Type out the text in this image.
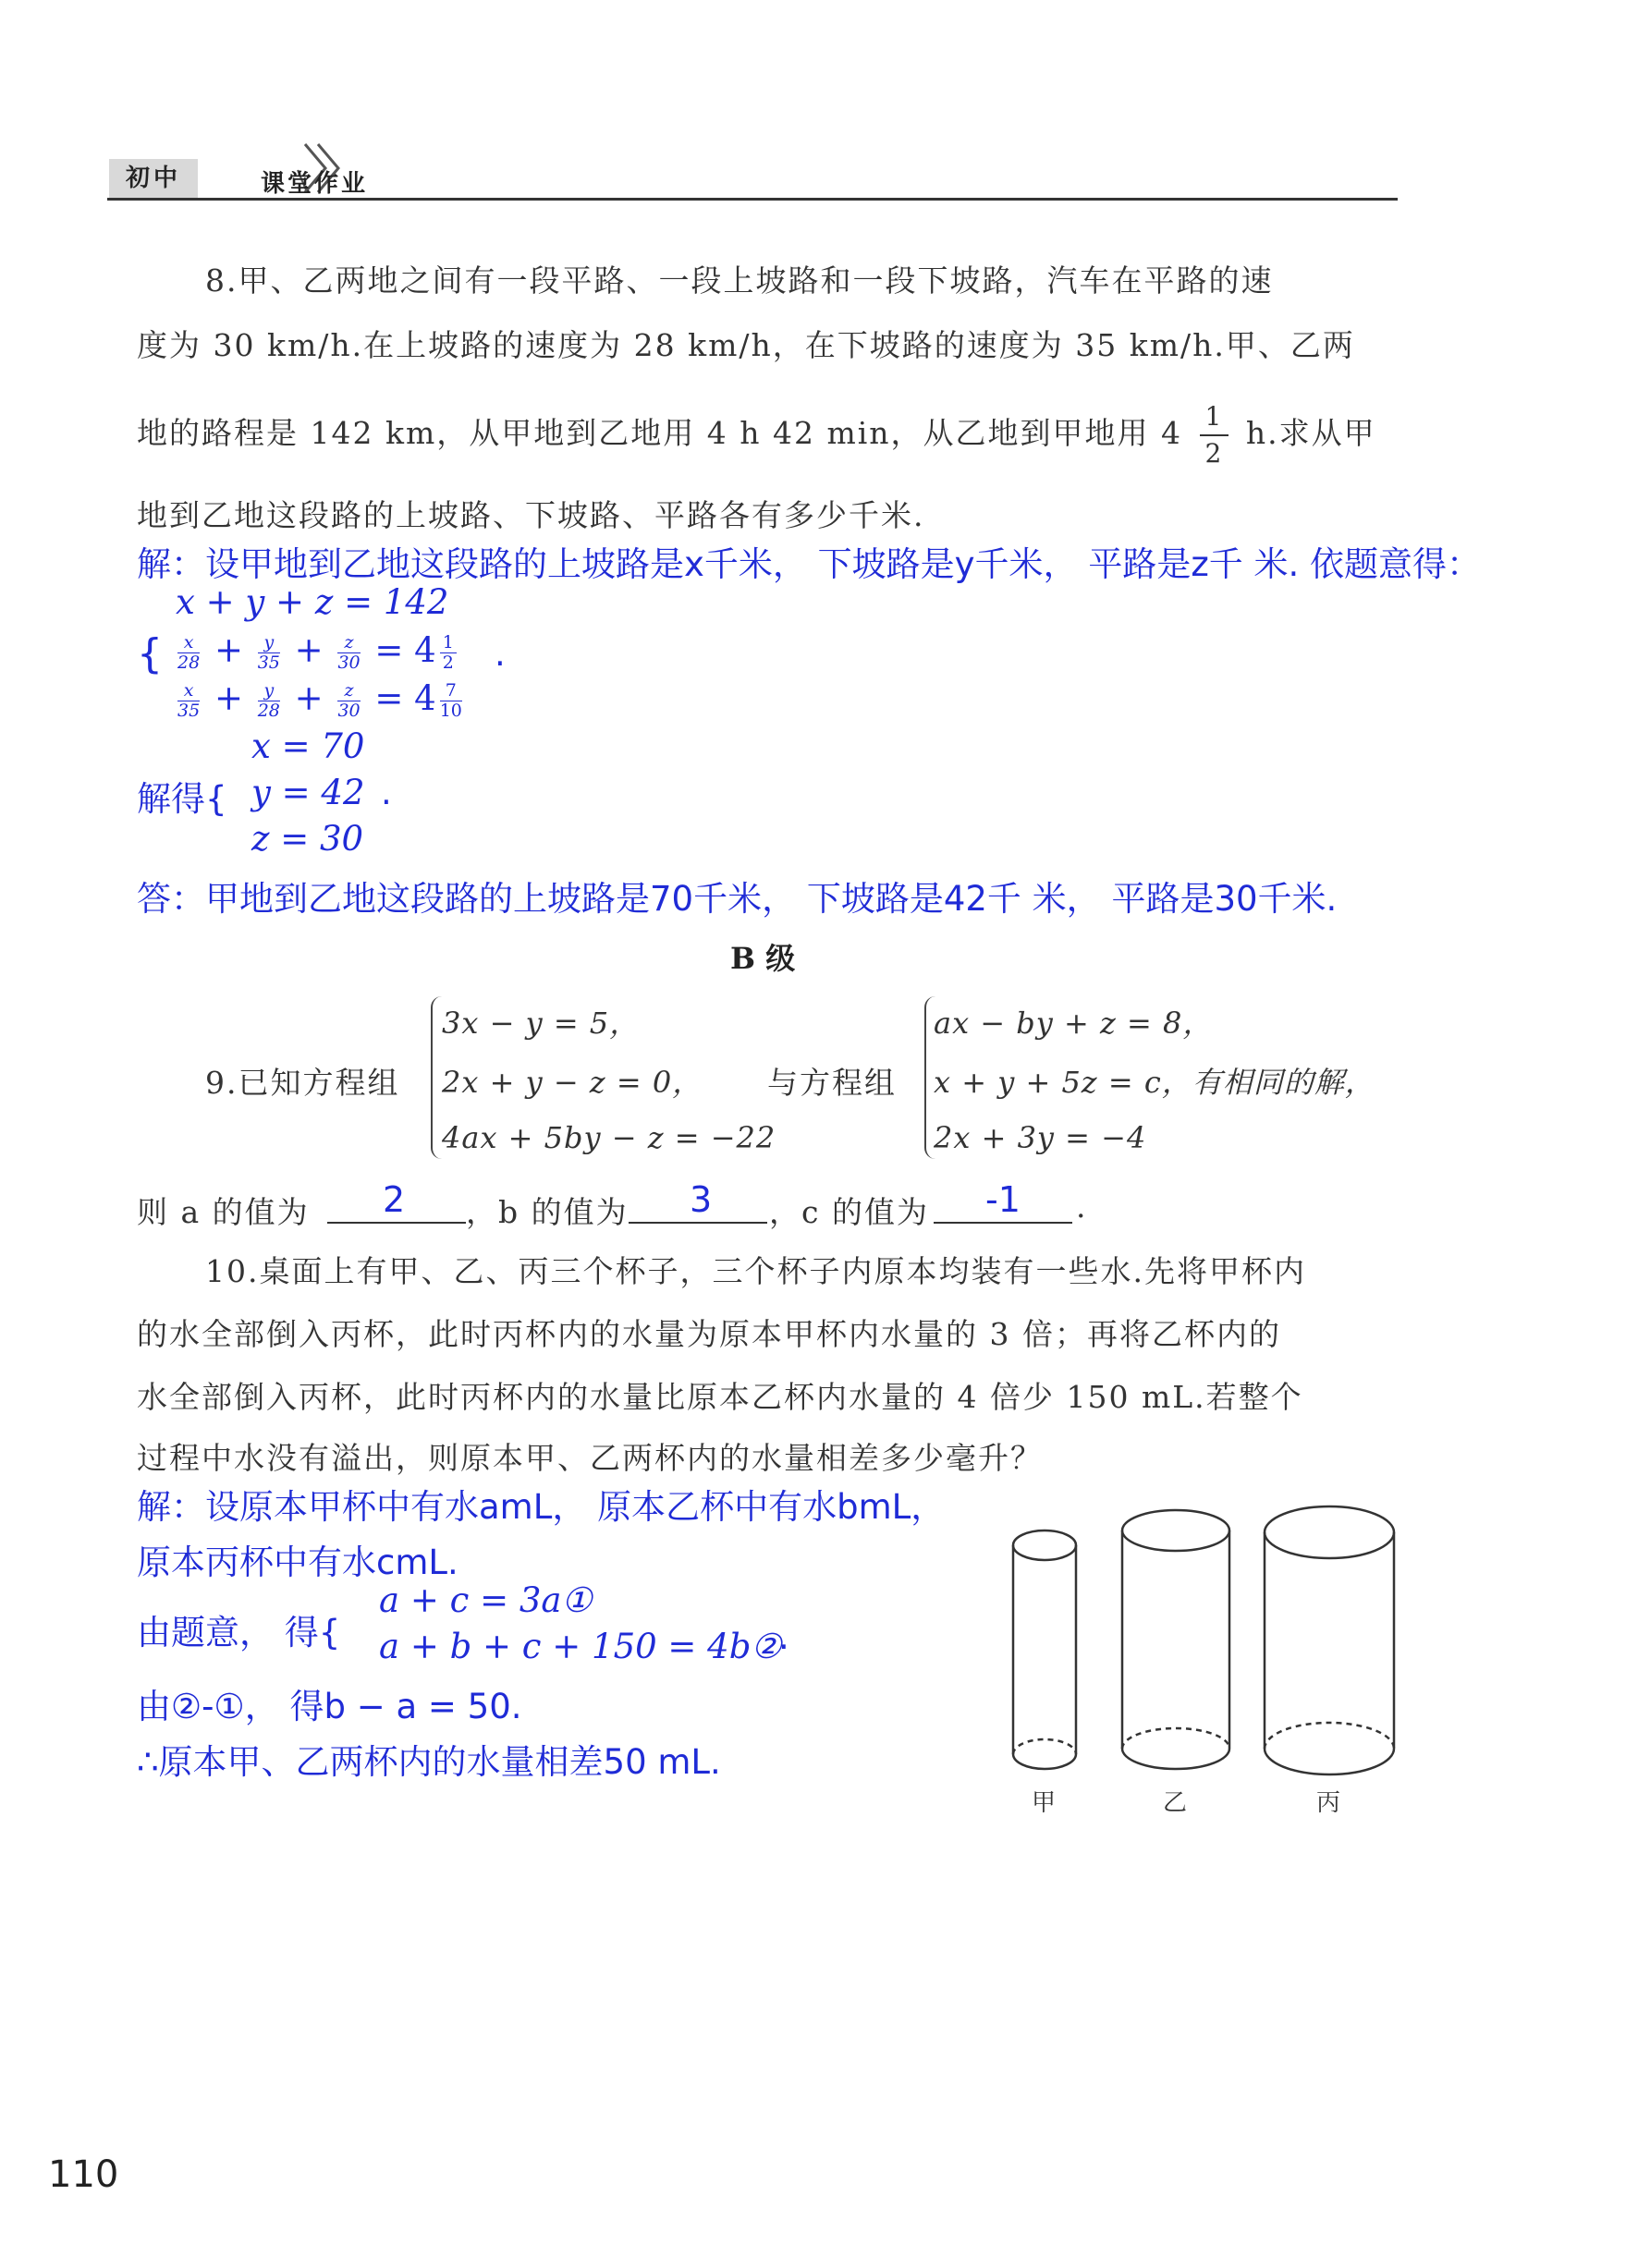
初中	课堂作业
8.甲、乙两地之间有一段平路、一段上坡路和一段下坡路，汽车在平路的速
度为 30 km/h.在上坡路的速度为 28 km/h，在下坡路的速度为 35 km/h.甲、乙两
地的路程是 142 km，从甲地到乙地用 4 h 42 min，从乙地到甲地用 $4 \frac{1}{2} h$.求从甲
地到乙地这段路的上坡路、下坡路、平路各有多少千米.
解：设甲地到乙地这段路的上坡路是x千米， 下坡路是y千米， 平路是z千 米. 依题意得：
x + y + z = 142
{ $\frac{x}{28} + \frac{y}{35} + \frac{z}{30} = 4 \frac{1}{2}$ .
$\frac{x}{35} + \frac{y}{28} + \frac{z}{30} = 4 \frac{7}{10}$
x = 70
解得{ y = 42 .
z = 30
答：甲地到乙地这段路的上坡路是70千米， 下坡路是42千 米， 平路是30千米.
B 级
9.已知方程组
3x − y = 5，
2x + y − z = 0，
4ax + 5by − z = −22
与方程组
ax − by + z = 8，
x + y + 5z = c，有相同的解，
2x + 3y = −4
则 a 的值为 2 ，b 的值为 3 ，c 的值为 -1 .
10.桌面上有甲、乙、丙三个杯子，三个杯子内原本均装有一些水.先将甲杯内
的水全部倒入丙杯，此时丙杯内的水量为原本甲杯内水量的 3 倍；再将乙杯内的
水全部倒入丙杯，此时丙杯内的水量比原本乙杯内水量的 4 倍少 150 mL.若整个
过程中水没有溢出，则原本甲、乙两杯内的水量相差多少毫升？
解：设原本甲杯中有水amL， 原本乙杯中有水bmL，
原本丙杯中有水cmL.
由题意， 得{
a + c = 3a①
a + b + c + 150 = 4b②
.
由②-①， 得b − a = 50.
∴原本甲、乙两杯内的水量相差50 mL.
甲	乙	丙
110
